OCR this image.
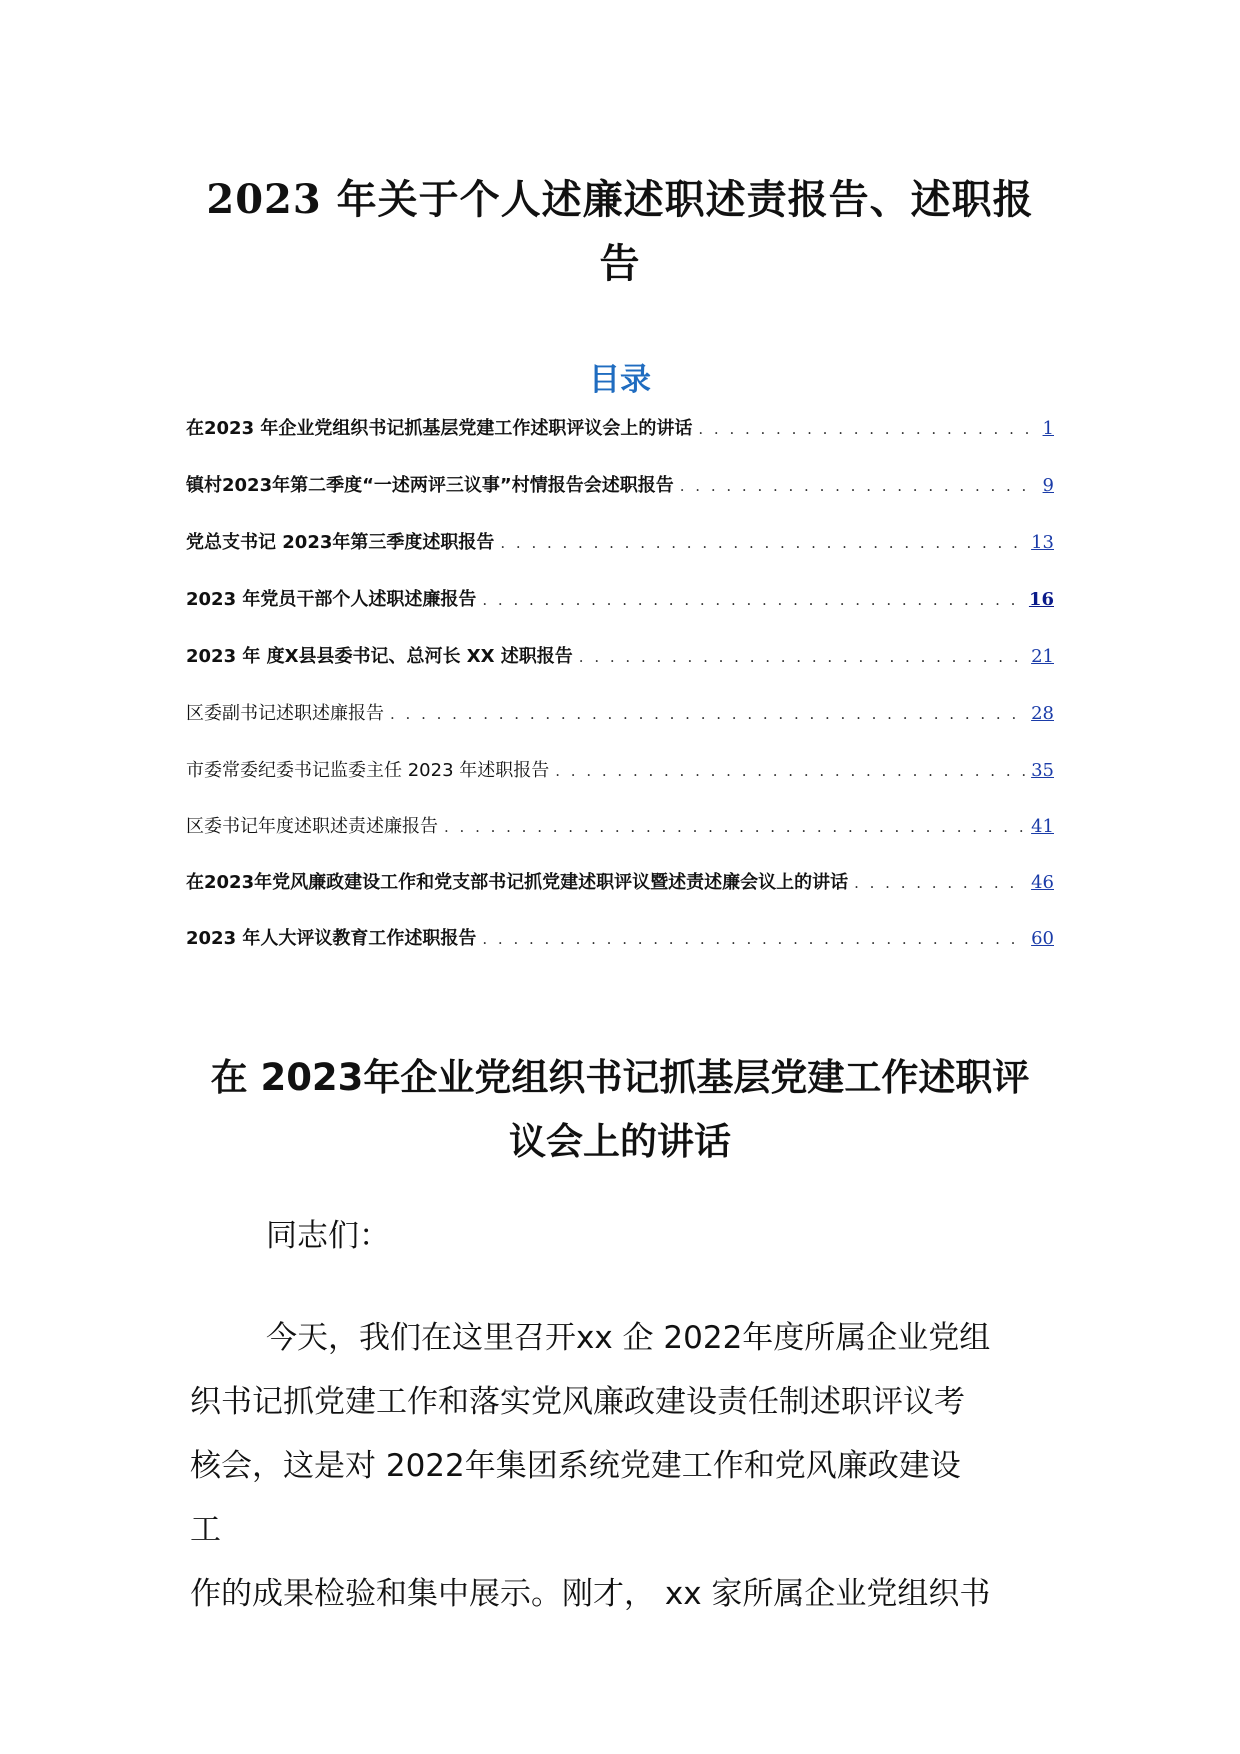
2023 年关于个人述廉述职述责报告、述职报
告
目录
在2023 年企业党组织书记抓基层党建工作述职评议会上的讲话 . . .	1
镇村2023年第二季度“一述两评三议事”村情报告会述职报告 . . .	9
党总支书记 2023年第三季度述职报告 . . .	13
2023 年党员干部个人述职述廉报告 . . .	16
2023 年 度X县县委书记、总河长 XX 述职报告 . . .	21
区委副书记述职述廉报告 . . .	28
市委常委纪委书记监委主任 2023 年述职报告 . . .	35
区委书记年度述职述责述廉报告 . . .	41
在2023年党风廉政建设工作和党支部书记抓党建述职评议暨述责述廉会议上的讲话 . . .	46
2023 年人大评议教育工作述职报告 . . .	60
在 2023年企业党组织书记抓基层党建工作述职评
议会上的讲话

同志们：

今天，我们在这里召开xx 企 2022年度所属企业党组
织书记抓党建工作和落实党风廉政建设责任制述职评议考
核会，这是对 2022年集团系统党建工作和党风廉政建设
工
作的成果检验和集中展示。刚才， xx 家所属企业党组织书
